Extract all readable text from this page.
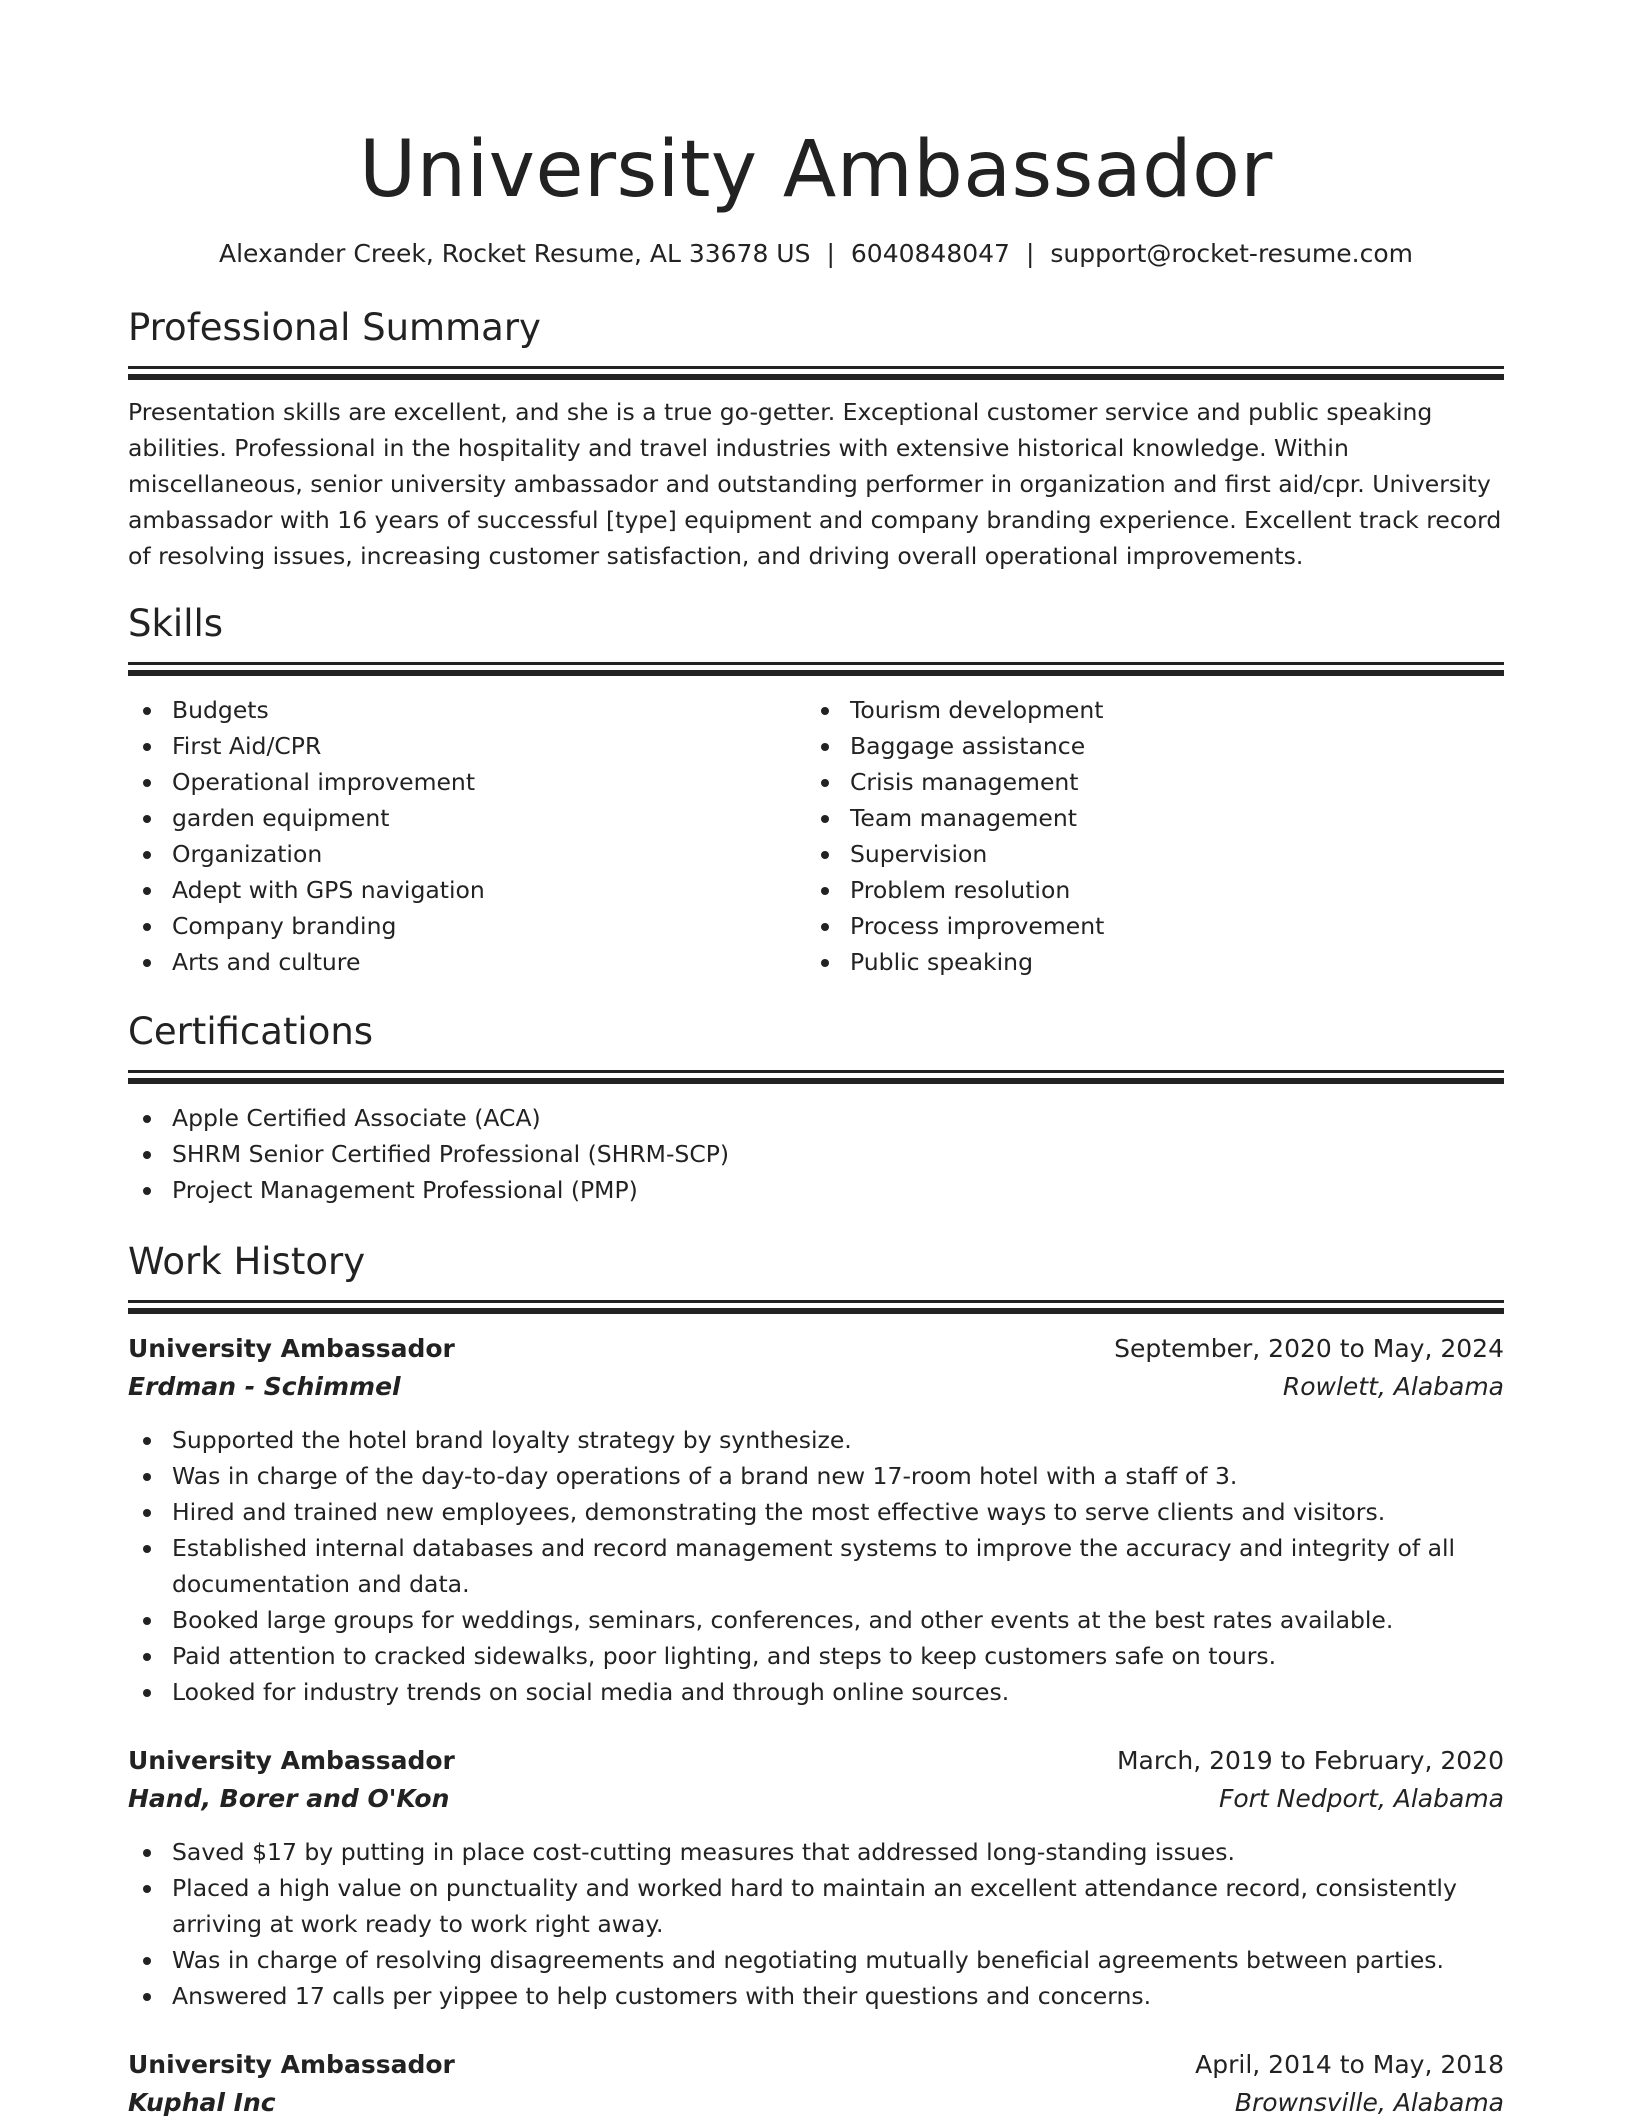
University Ambassador
Alexander Creek, Rocket Resume, AL 33678 US | 6040848047 | support@rocket-resume.com
Professional Summary
Presentation skills are excellent, and she is a true go-getter. Exceptional customer service and public speaking abilities. Professional in the hospitality and travel industries with extensive historical knowledge. Within miscellaneous, senior university ambassador and outstanding performer in organization and first aid/cpr. University ambassador with 16 years of successful [type] equipment and company branding experience. Excellent track record of resolving issues, increasing customer satisfaction, and driving overall operational improvements.
Skills
Budgets
First Aid/CPR
Operational improvement
garden equipment
Organization
Adept with GPS navigation
Company branding
Arts and culture
Tourism development
Baggage assistance
Crisis management
Team management
Supervision
Problem resolution
Process improvement
Public speaking
Certifications
Apple Certified Associate (ACA)
SHRM Senior Certified Professional (SHRM-SCP)
Project Management Professional (PMP)
Work History
University Ambassador	September, 2020 to May, 2024
Erdman - Schimmel	Rowlett, Alabama
Supported the hotel brand loyalty strategy by synthesize.
Was in charge of the day-to-day operations of a brand new 17-room hotel with a staff of 3.
Hired and trained new employees, demonstrating the most effective ways to serve clients and visitors.
Established internal databases and record management systems to improve the accuracy and integrity of all documentation and data.
Booked large groups for weddings, seminars, conferences, and other events at the best rates available.
Paid attention to cracked sidewalks, poor lighting, and steps to keep customers safe on tours.
Looked for industry trends on social media and through online sources.
University Ambassador	March, 2019 to February, 2020
Hand, Borer and O'Kon	Fort Nedport, Alabama
Saved $17 by putting in place cost-cutting measures that addressed long-standing issues.
Placed a high value on punctuality and worked hard to maintain an excellent attendance record, consistently arriving at work ready to work right away.
Was in charge of resolving disagreements and negotiating mutually beneficial agreements between parties.
Answered 17 calls per yippee to help customers with their questions and concerns.
University Ambassador	April, 2014 to May, 2018
Kuphal Inc	Brownsville, Alabama
